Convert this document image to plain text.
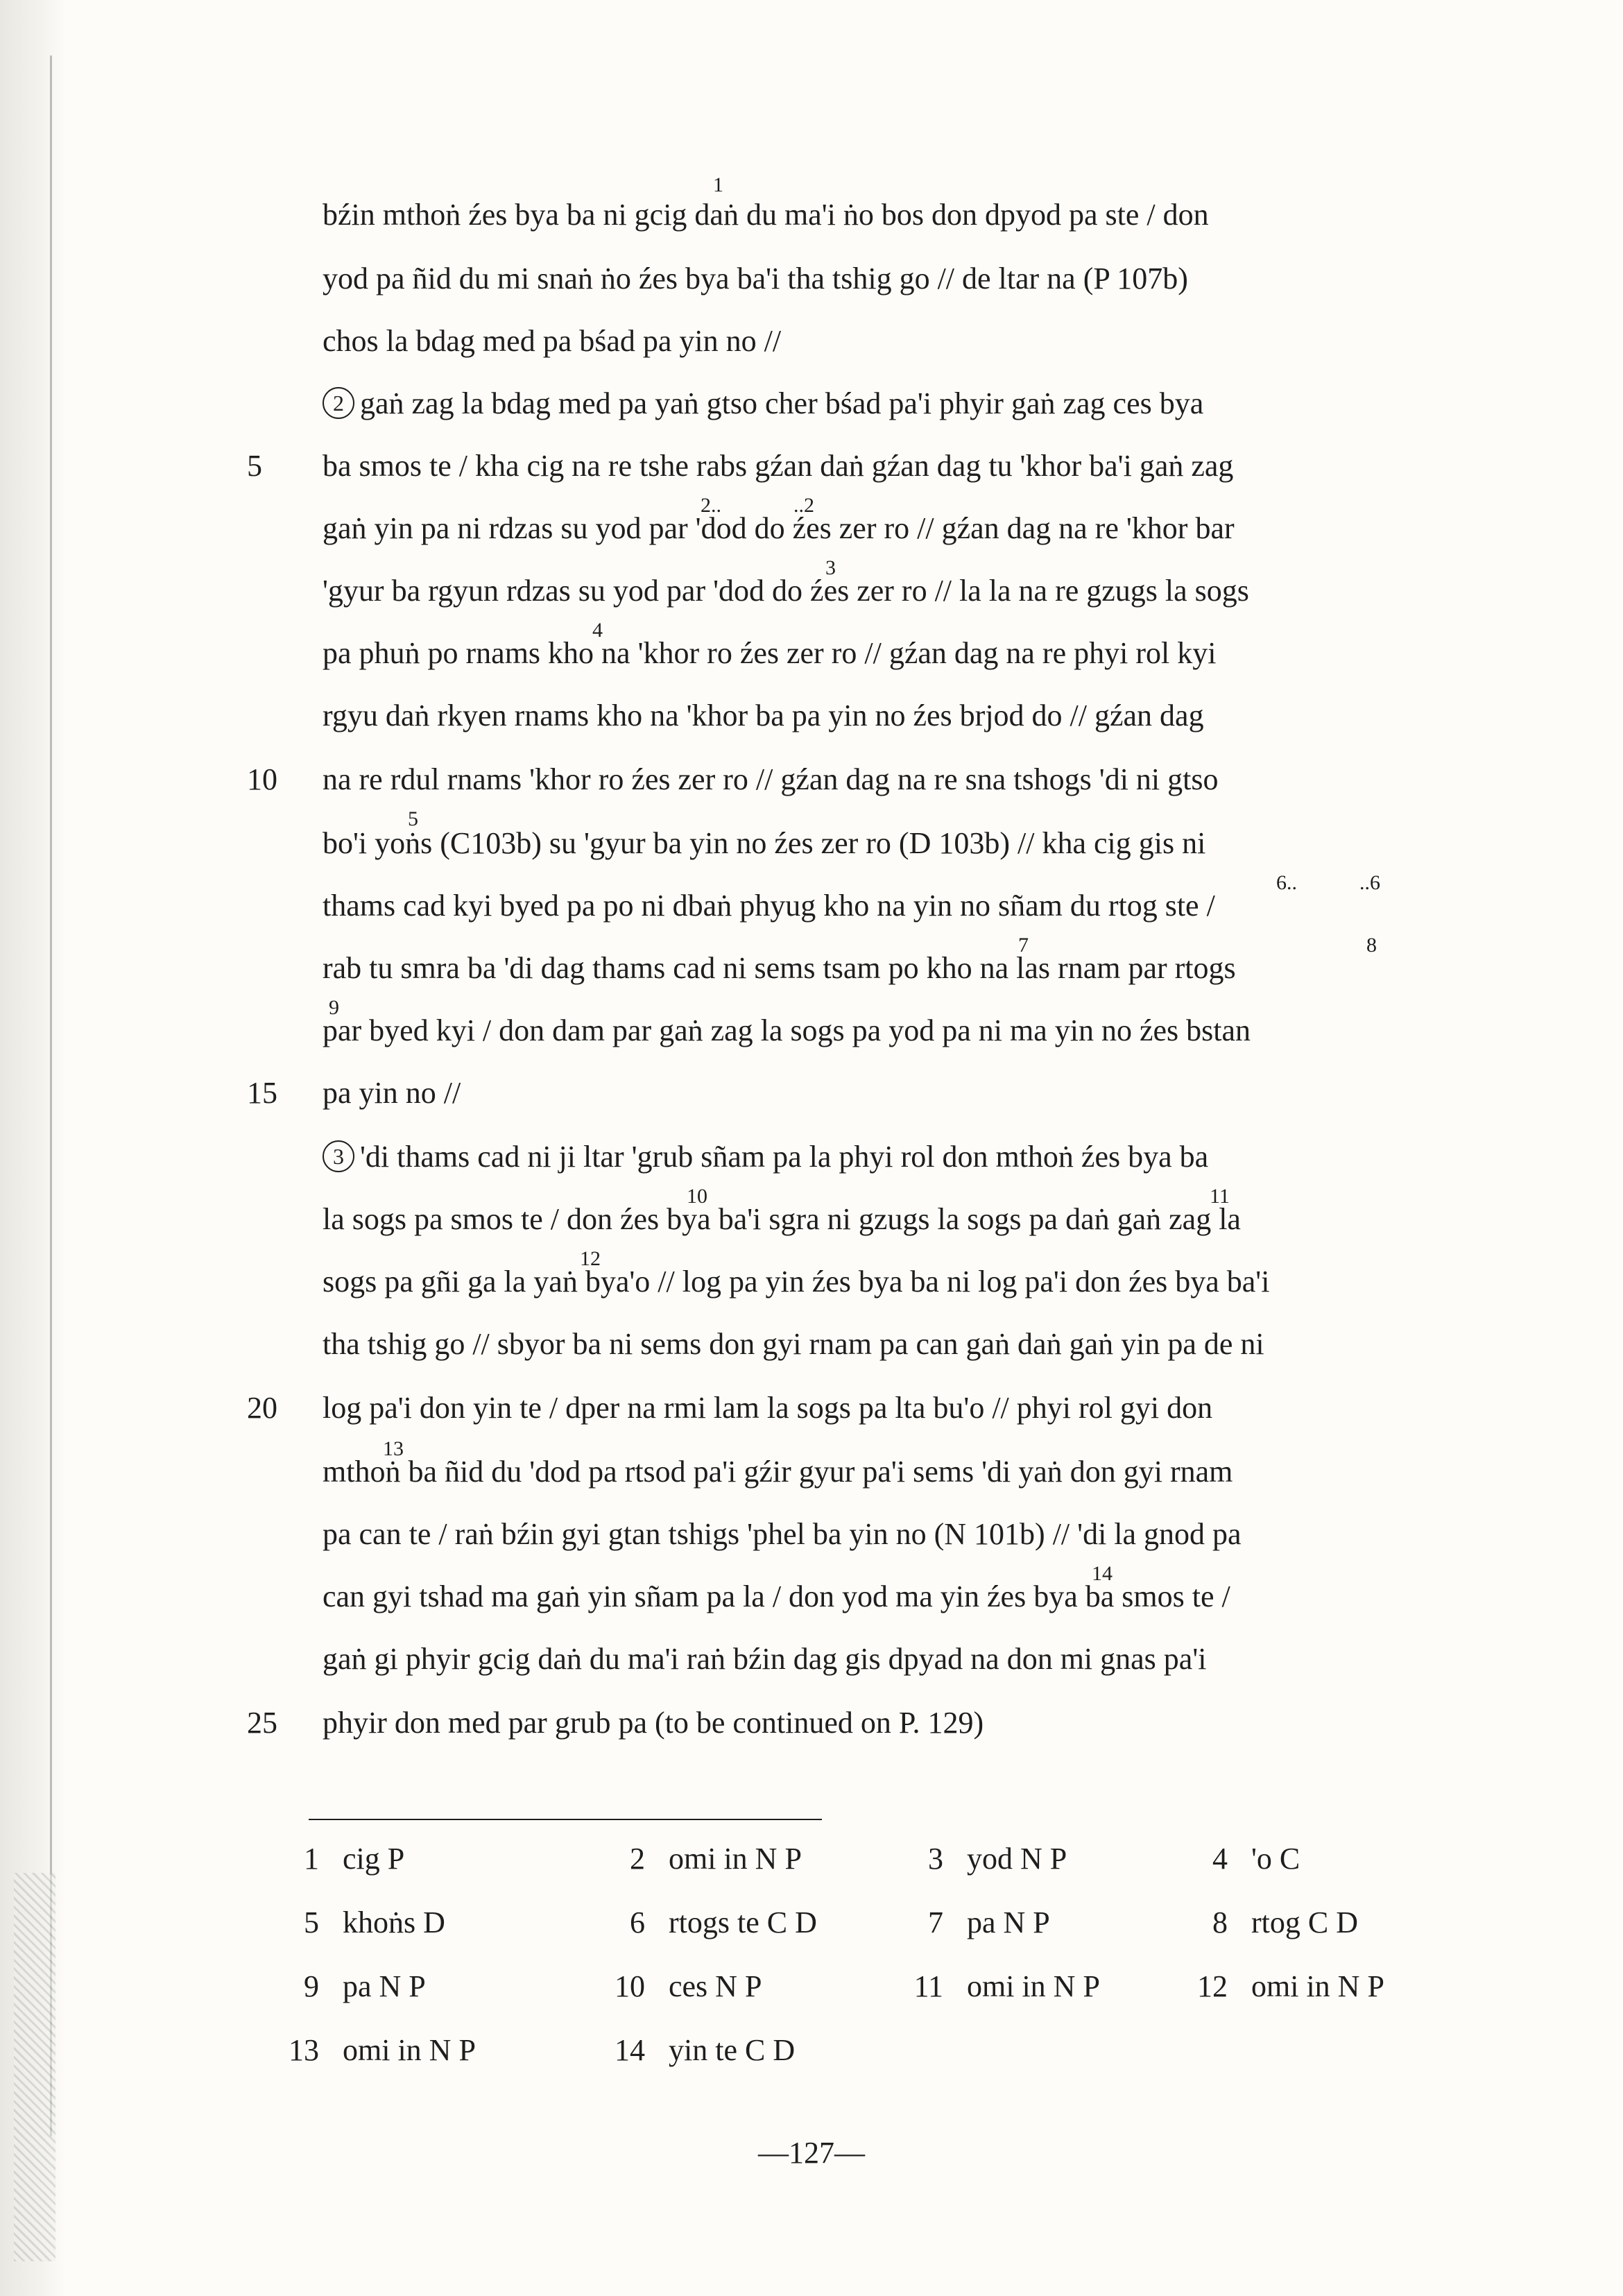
bźin mthoṅ źes bya ba ni gcig daṅ du ma'i ṅo bos don dpyod pa ste / don
yod pa ñid du mi snaṅ ṅo źes bya ba'i tha tshig go // de ltar na (P 107b)
chos la bdag med pa bśad pa yin no //
2 gaṅ zag la bdag med pa yaṅ gtso cher bśad pa'i phyir gaṅ zag ces bya
5	ba smos te / kha cig na re tshe rabs gźan daṅ gźan dag tu 'khor ba'i gaṅ zag
gaṅ yin pa ni rdzas su yod par 'dod do źes zer ro // gźan dag na re 'khor bar
'gyur ba rgyun rdzas su yod par 'dod do źes zer ro // la la na re gzugs la sogs
pa phuṅ po rnams kho na 'khor ro źes zer ro // gźan dag na re phyi rol kyi
rgyu daṅ rkyen rnams kho na 'khor ba pa yin no źes brjod do // gźan dag
10	na re rdul rnams 'khor ro źes zer ro // gźan dag na re sna tshogs 'di ni gtso
bo'i yoṅs (C103b) su 'gyur ba yin no źes zer ro (D 103b) // kha cig gis ni
thams cad kyi byed pa po ni dbaṅ phyug kho na yin no sñam du rtog ste /
rab tu smra ba 'di dag thams cad ni sems tsam po kho na las rnam par rtogs
par byed kyi / don dam par gaṅ zag la sogs pa yod pa ni ma yin no źes bstan
15	pa yin no //
3 'di thams cad ni ji ltar 'grub sñam pa la phyi rol don mthoṅ źes bya ba
la sogs pa smos te / don źes bya ba'i sgra ni gzugs la sogs pa daṅ gaṅ zag la
sogs pa gñi ga la yaṅ bya'o // log pa yin źes bya ba ni log pa'i don źes bya ba'i
tha tshig go // sbyor ba ni sems don gyi rnam pa can gaṅ daṅ gaṅ yin pa de ni
20	log pa'i don yin te / dper na rmi lam la sogs pa lta bu'o // phyi rol gyi don
mthoṅ ba ñid du 'dod pa rtsod pa'i gźir gyur pa'i sems 'di yaṅ don gyi rnam
pa can te / raṅ bźin gyi gtan tshigs 'phel ba yin no (N 101b) // 'di la gnod pa
can gyi tshad ma gaṅ yin sñam pa la / don yod ma yin źes bya ba smos te /
gaṅ gi phyir gcig daṅ du ma'i raṅ bźin dag gis dpyad na don mi gnas pa'i
25	phyir don med par grub pa (to be continued on P. 129)
1
2..	..2
3
4
5
6..	..6
7	8
9
10	11
12
13
14
1 cig P	2 omi in N P	3 yod N P	4 'o C
5 khoṅs D	6 rtogs te C D	7 pa N P	8 rtog C D
9 pa N P	10 ces N P	11 omi in N P	12 omi in N P
13 omi in N P	14 yin te C D
—127—
